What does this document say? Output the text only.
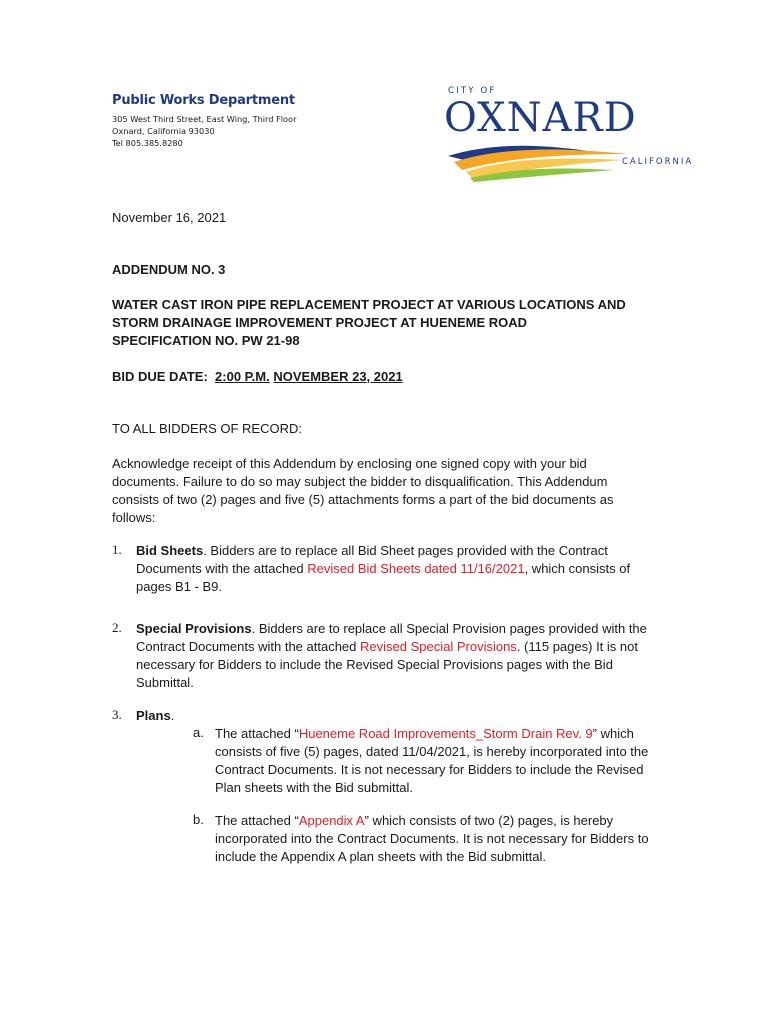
Public Works Department
305 West Third Street, East Wing, Third Floor
Oxnard, California 93030
Tel 805.385.8280
CITY OF
OXNARD
CALIFORNIA
November 16, 2021
ADDENDUM NO. 3
WATER CAST IRON PIPE REPLACEMENT PROJECT AT VARIOUS LOCATIONS AND
STORM DRAINAGE IMPROVEMENT PROJECT AT HUENEME ROAD
SPECIFICATION NO. PW 21-98
BID DUE DATE: 2:00 P.M. NOVEMBER 23, 2021
TO ALL BIDDERS OF RECORD:
Acknowledge receipt of this Addendum by enclosing one signed copy with your bid
documents. Failure to do so may subject the bidder to disqualification. This Addendum
consists of two (2) pages and five (5) attachments forms a part of the bid documents as
follows:
1. Bid Sheets. Bidders are to replace all Bid Sheet pages provided with the Contract
Documents with the attached Revised Bid Sheets dated 11/16/2021, which consists of
pages B1 - B9.
2. Special Provisions. Bidders are to replace all Special Provision pages provided with the
Contract Documents with the attached Revised Special Provisions. (115 pages) It is not
necessary for Bidders to include the Revised Special Provisions pages with the Bid
Submittal.
3. Plans.
a. The attached “Hueneme Road Improvements_Storm Drain Rev. 9” which
consists of five (5) pages, dated 11/04/2021, is hereby incorporated into the
Contract Documents. It is not necessary for Bidders to include the Revised
Plan sheets with the Bid submittal.
b. The attached “Appendix A” which consists of two (2) pages, is hereby
incorporated into the Contract Documents. It is not necessary for Bidders to
include the Appendix A plan sheets with the Bid submittal.
